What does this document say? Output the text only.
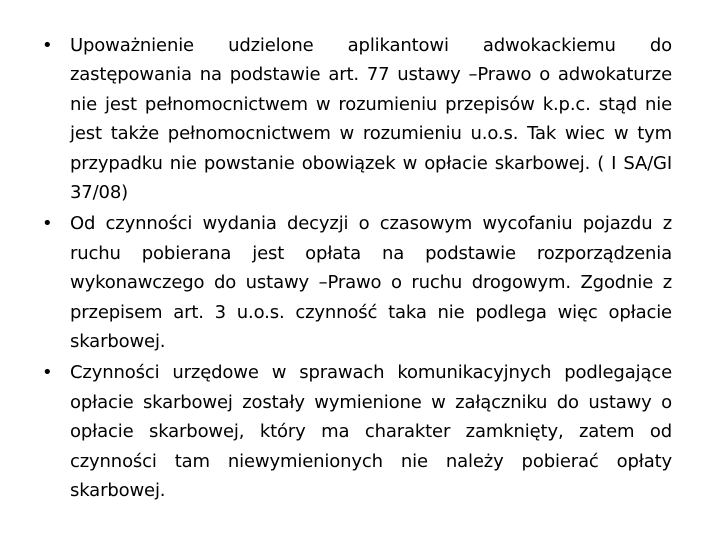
• Upoważnienie udzielone aplikantowi adwokackiemu do zastępowania na podstawie art. 77 ustawy –Prawo o adwokaturze nie jest pełnomocnictwem w rozumieniu przepisów k.p.c. stąd nie jest także pełnomocnictwem w rozumieniu u.o.s. Tak wiec w tym przypadku nie powstanie obowiązek w opłacie skarbowej. ( I SA/GI 37/08)
• Od czynności wydania decyzji o czasowym wycofaniu pojazdu z ruchu pobierana jest opłata na podstawie rozporządzenia wykonawczego do ustawy –Prawo o ruchu drogowym. Zgodnie z przepisem art. 3 u.o.s. czynność taka nie podlega więc opłacie skarbowej.
• Czynności urzędowe w sprawach komunikacyjnych podlegające opłacie skarbowej zostały wymienione w załączniku do ustawy o opłacie skarbowej, który ma charakter zamknięty, zatem od czynności tam niewymienionych nie należy pobierać opłaty skarbowej.
